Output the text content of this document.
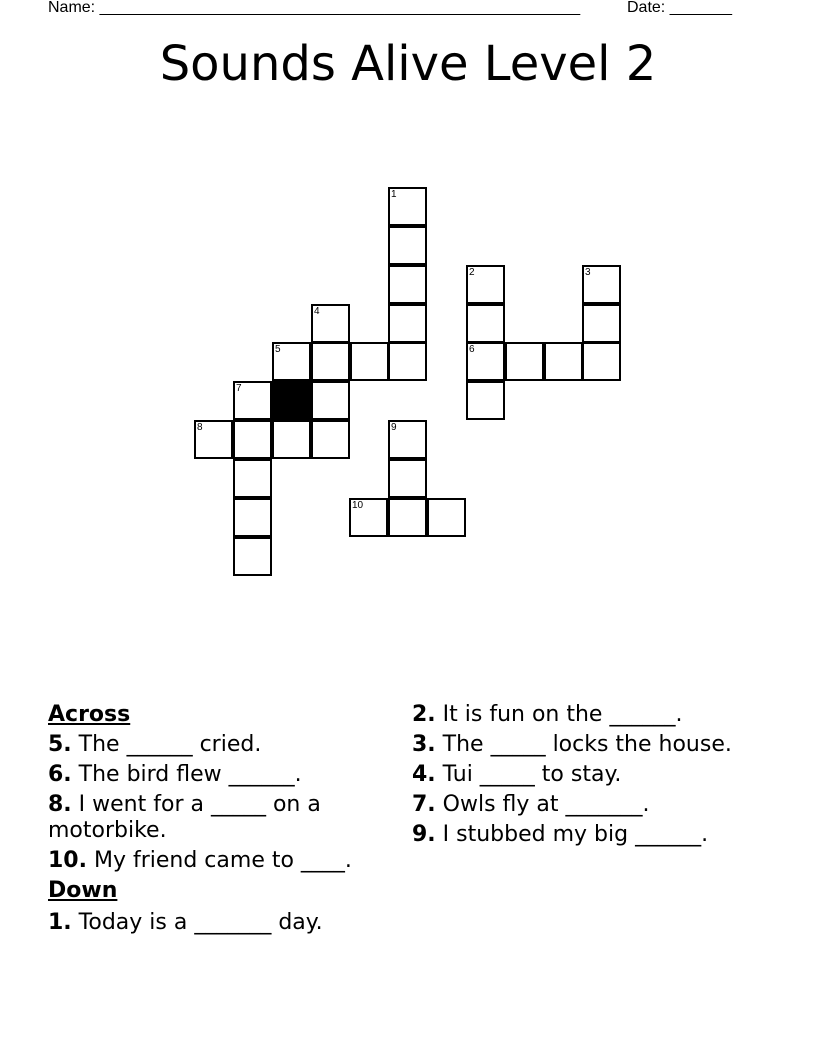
Name: ______________________________________________________	Date: _______
Sounds Alive Level 2
1
2
6
3
4
5
7
8	9
10
Across
5. The ______ cried.
6. The bird flew ______.
8. I went for a _____ on a motorbike.
10. My friend came to ____.
Down
1. Today is a _______ day.
2. It is fun on the ______.
3. The _____ locks the house.
4. Tui _____ to stay.
7. Owls fly at _______.
9. I stubbed my big ______.
